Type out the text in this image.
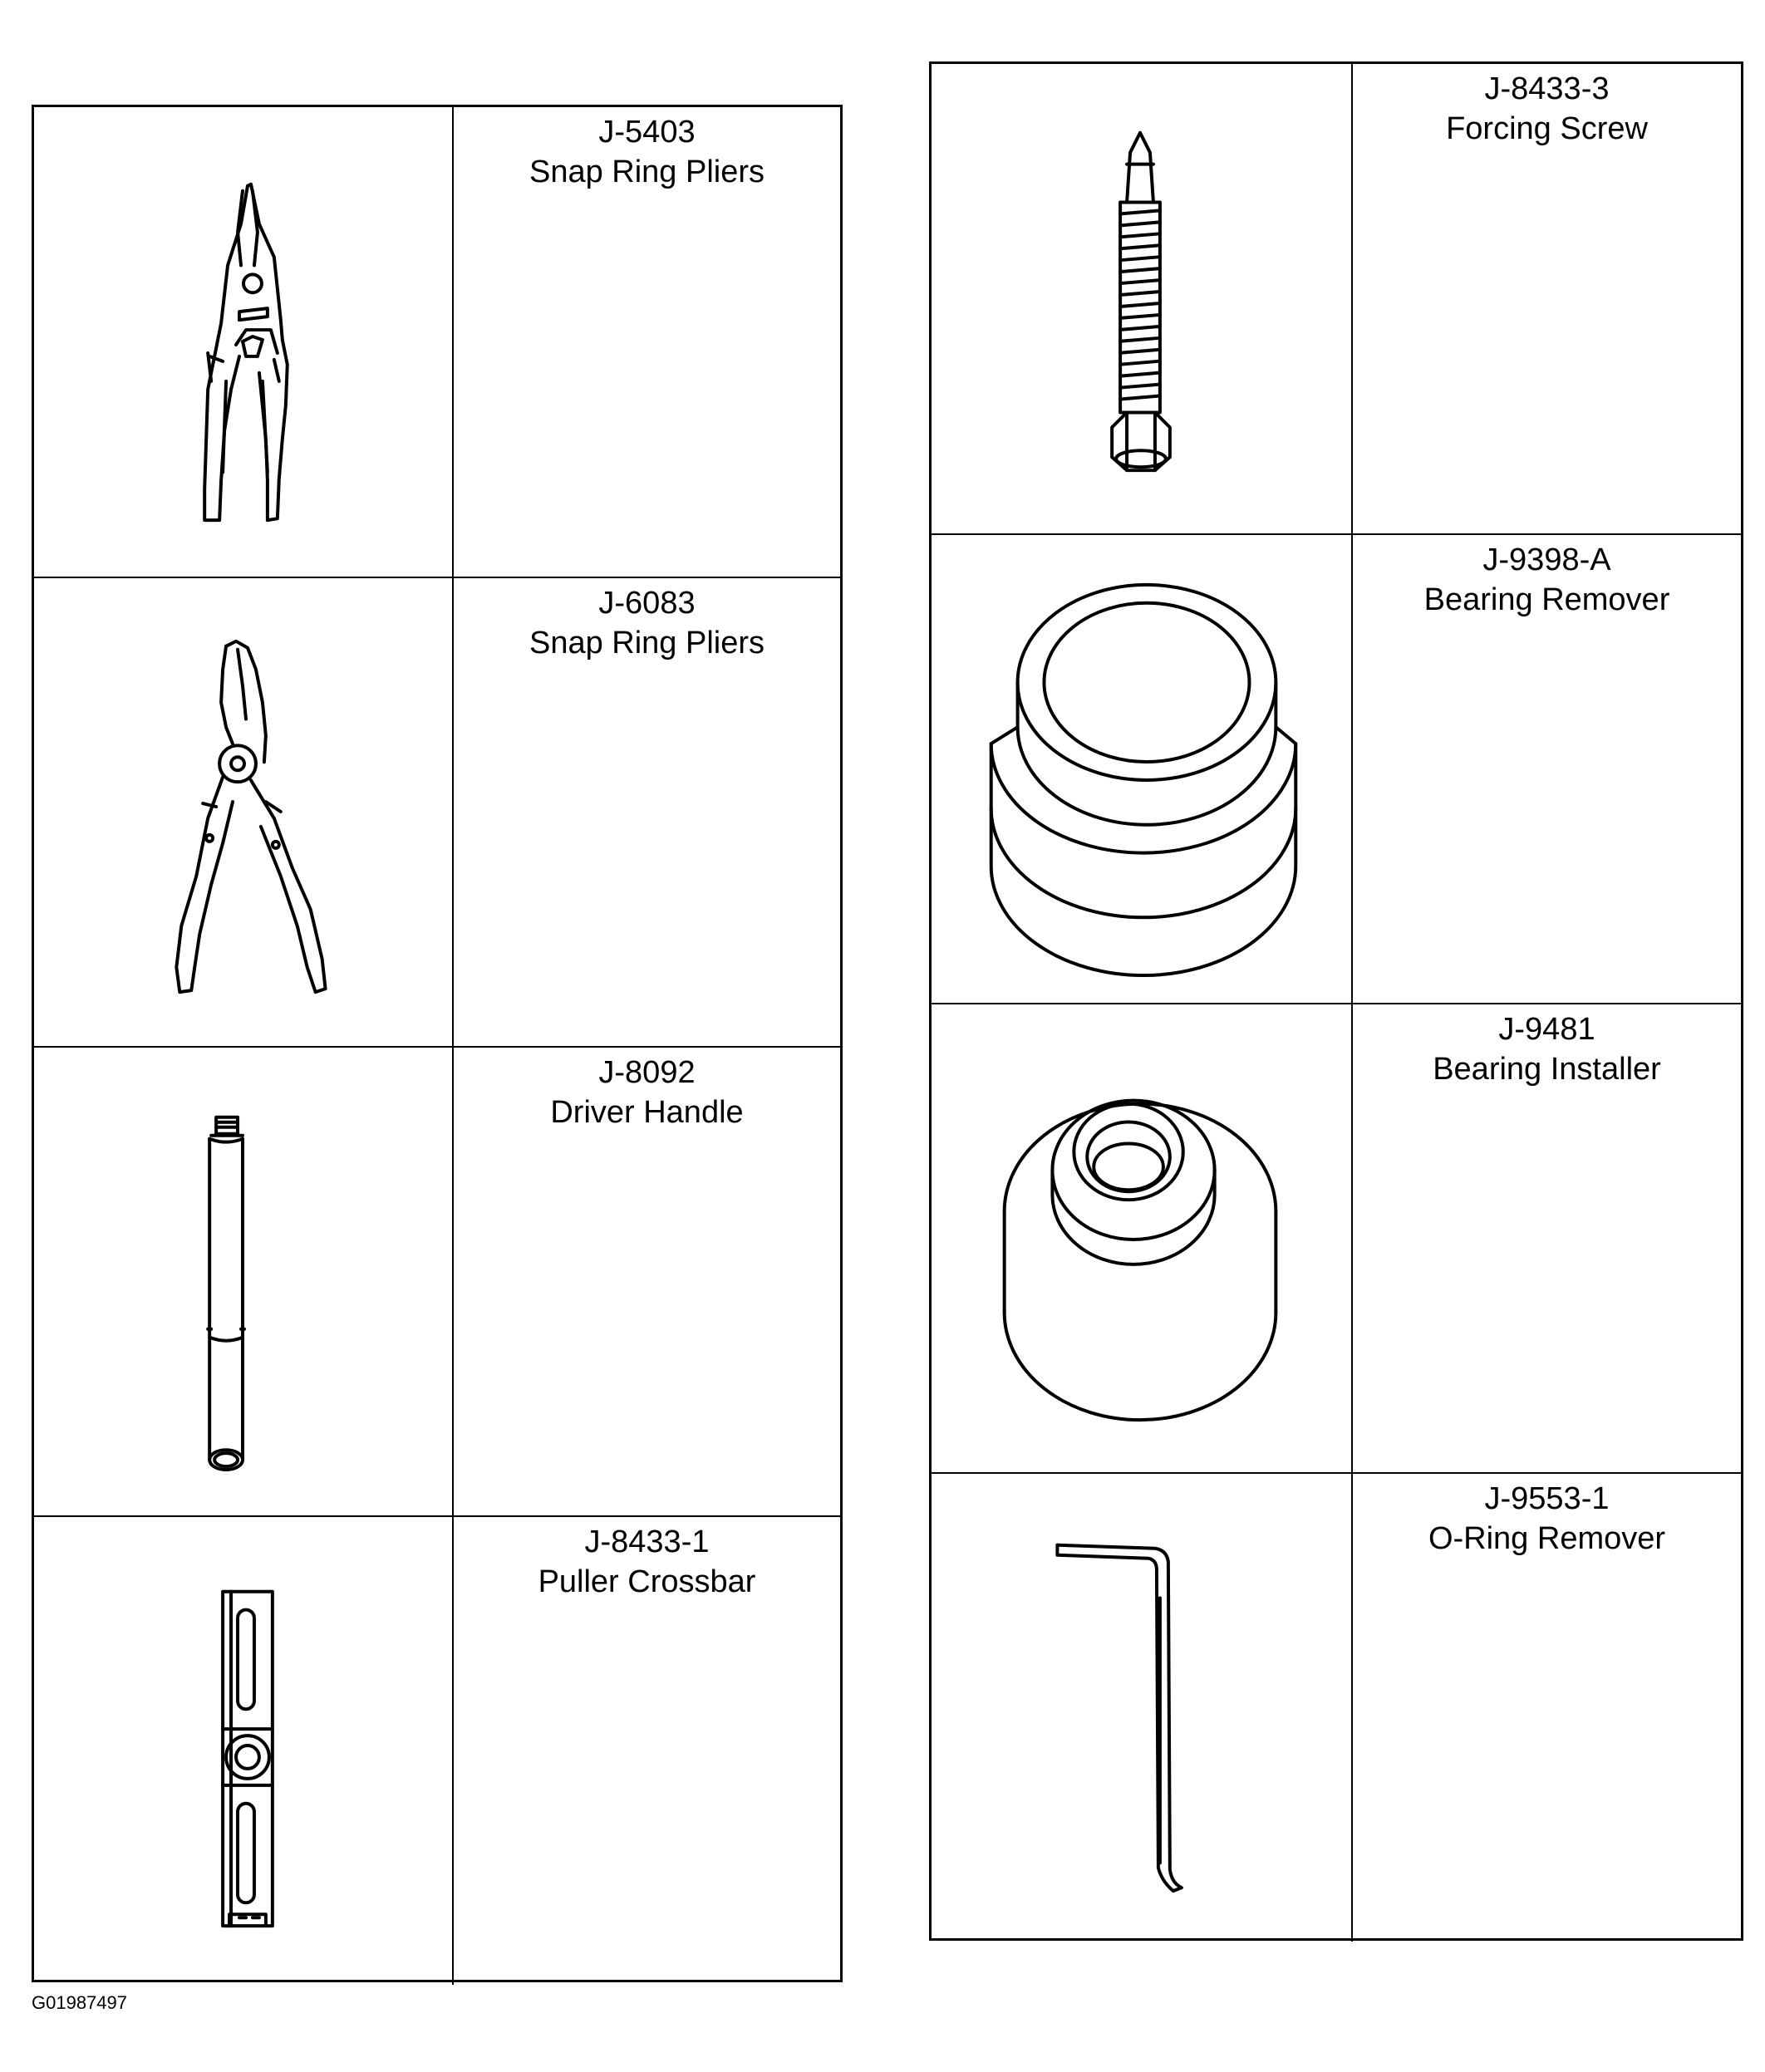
J-5403
Snap Ring Pliers
J-6083
Snap Ring Pliers
J-8092
Driver Handle
J-8433-1
Puller Crossbar
J-8433-3
Forcing Screw
J-9398-A
Bearing Remover
J-9481
Bearing Installer
J-9553-1
O-Ring Remover
G01987497
